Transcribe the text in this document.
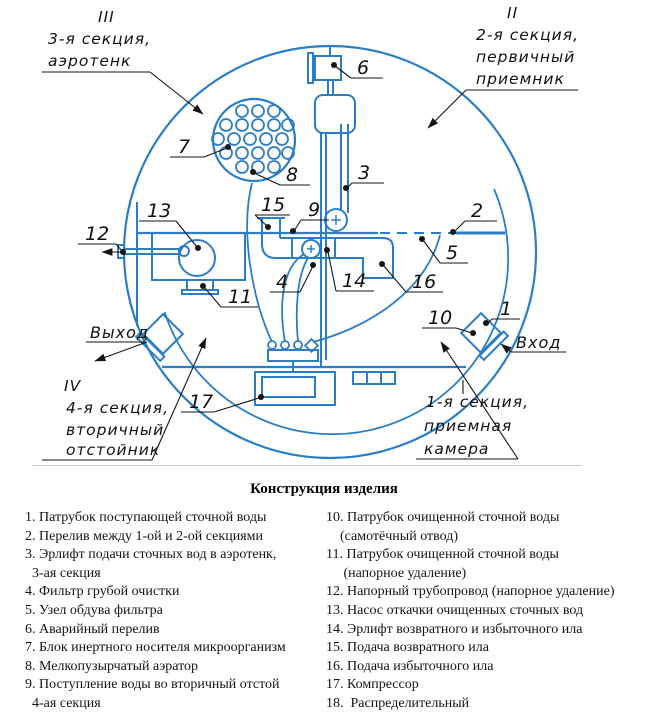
1
2
3
4
5
6
7
8
9
10
11
12
13
14
15
16
17
III
3-я секция,
аэротенк
II
2-я секция,
первичный
приемник
IV
4-я секция,
вторичный
отстойник
1-я секция,
приемная
камера
Вход
Выход
Конструкция изделия
1. Патрубок поступающей сточной воды
2. Перелив между 1-ой и 2-ой секциями
3. Эрлифт подачи сточных вод в аэротенк,
3-ая секция
4. Фильтр грубой очистки
5. Узел обдува фильтра
6. Аварийный перелив
7. Блок инертного носителя микроорганизм
8. Мелкопузырчатый аэратор
9. Поступление воды во вторичный отстой
4-ая секция
10. Патрубок очищенной сточной воды
(самотёчный отвод)
11. Патрубок очищенной сточной воды
(напорное удаление)
12. Напорный трубопровод (напорное удаление)
13. Насос откачки очищенных сточных вод
14. Эрлифт возвратного и избыточного ила
15. Подача возвратного ила
16. Подача избыточного ила
17. Компрессор
18.  Распределительный
